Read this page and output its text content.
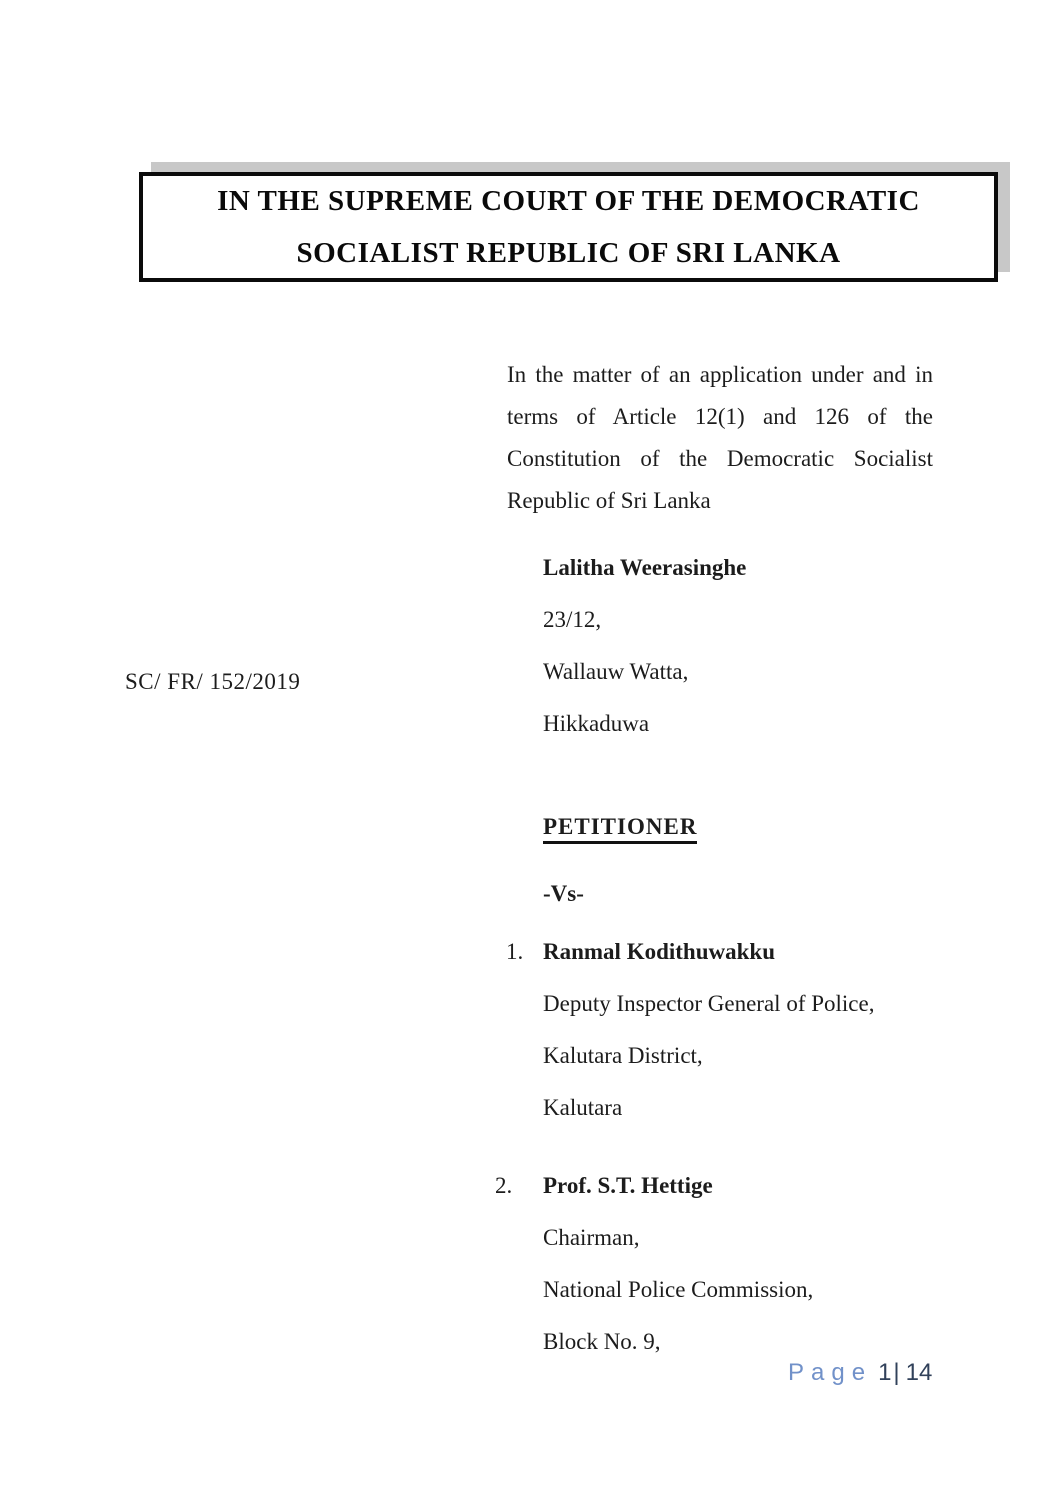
IN THE SUPREME COURT OF THE DEMOCRATIC
SOCIALIST REPUBLIC OF SRI LANKA
SC/ FR/ 152/2019

In the matter of an application under and in terms of Article 12(1) and 126 of the Constitution of the Democratic Socialist Republic of Sri Lanka

Lalitha Weerasinghe

23/12,

Wallauw Watta,

Hikkaduwa

PETITIONER
-Vs-
1. Ranmal Kodithuwakku

Deputy Inspector General of Police,

Kalutara District,

Kalutara

2.	Prof. S.T. Hettige

Chairman,

National Police Commission,

Block No. 9,

Page 1| 14
